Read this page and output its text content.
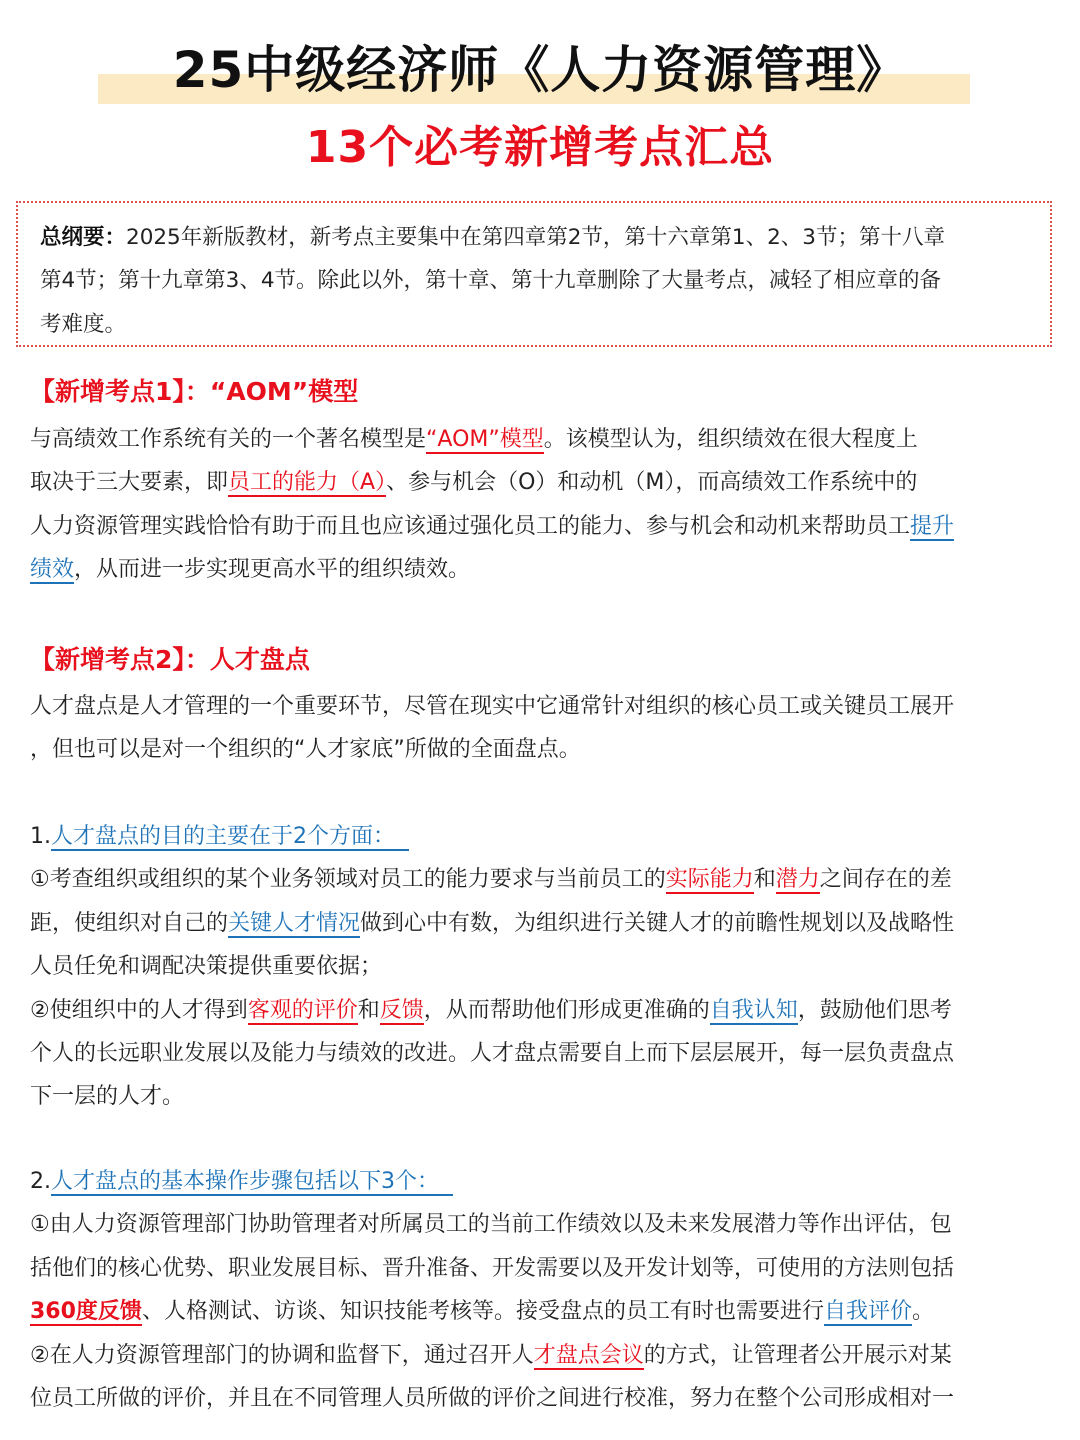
25中级经济师《人力资源管理》
13个必考新增考点汇总
总纲要：2025年新版教材，新考点主要集中在第四章第2节，第十六章第1、2、3节；第十八章
第4节；第十九章第3、4节。除此以外，第十章、第十九章删除了大量考点，减轻了相应章的备
考难度。
【新增考点1】：“AOM”模型
与高绩效工作系统有关的一个著名模型是“AOM”模型。该模型认为，组织绩效在很大程度上
取决于三大要素，即员工的能力（A）、参与机会（O）和动机（M），而高绩效工作系统中的
人力资源管理实践恰恰有助于而且也应该通过强化员工的能力、参与机会和动机来帮助员工提升
绩效，从而进一步实现更高水平的组织绩效。
【新增考点2】：人才盘点
人才盘点是人才管理的一个重要环节，尽管在现实中它通常针对组织的核心员工或关键员工展开
，但也可以是对一个组织的“人才家底”所做的全面盘点。
1.人才盘点的目的主要在于2个方面：
①考查组织或组织的某个业务领域对员工的能力要求与当前员工的实际能力和潜力之间存在的差
距，使组织对自己的关键人才情况做到心中有数，为组织进行关键人才的前瞻性规划以及战略性
人员任免和调配决策提供重要依据；
②使组织中的人才得到客观的评价和反馈，从而帮助他们形成更准确的自我认知，鼓励他们思考
个人的长远职业发展以及能力与绩效的改进。人才盘点需要自上而下层层展开，每一层负责盘点
下一层的人才。
2.人才盘点的基本操作步骤包括以下3个：
①由人力资源管理部门协助管理者对所属员工的当前工作绩效以及未来发展潜力等作出评估，包
括他们的核心优势、职业发展目标、晋升准备、开发需要以及开发计划等，可使用的方法则包括
360度反馈、人格测试、访谈、知识技能考核等。接受盘点的员工有时也需要进行自我评价。
②在人力资源管理部门的协调和监督下，通过召开人才盘点会议的方式，让管理者公开展示对某
位员工所做的评价，并且在不同管理人员所做的评价之间进行校准，努力在整个公司形成相对一
